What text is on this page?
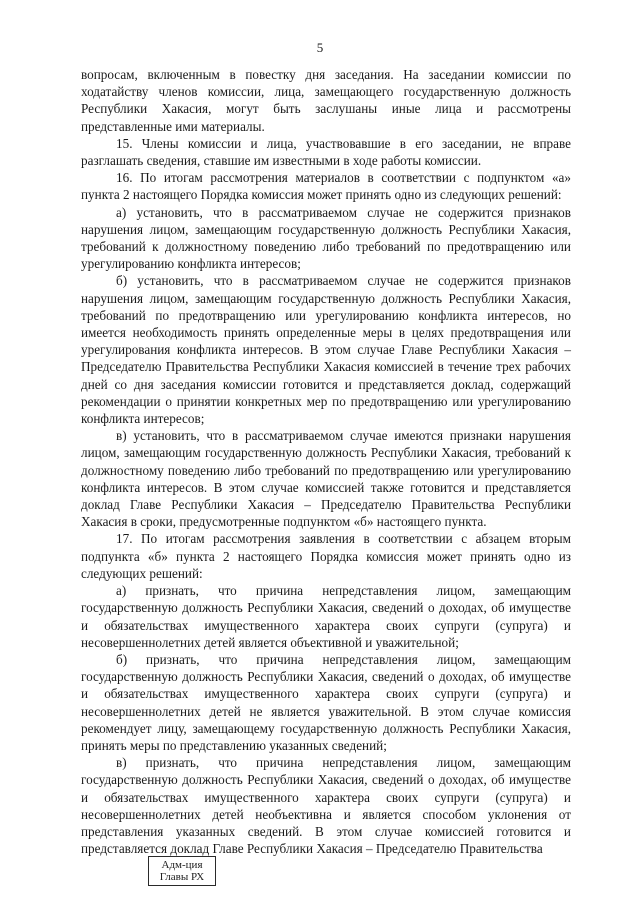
5

вопросам, включенным в повестку дня заседания. На заседании комиссии по ходатайству членов комиссии, лица, замещающего государственную должность Республики Хакасия, могут быть заслушаны иные лица и рассмотрены представленные ими материалы.

15. Члены комиссии и лица, участвовавшие в его заседании, не вправе разглашать сведения, ставшие им известными в ходе работы комиссии.

16. По итогам рассмотрения материалов в соответствии с подпунктом «а» пункта 2 настоящего Порядка комиссия может принять одно из следующих решений:

а) установить, что в рассматриваемом случае не содержится признаков нарушения лицом, замещающим государственную должность Республики Хакасия, требований к должностному поведению либо требований по предотвращению или урегулированию конфликта интересов;

б) установить, что в рассматриваемом случае не содержится признаков нарушения лицом, замещающим государственную должность Республики Хакасия, требований по предотвращению или урегулированию конфликта интересов, но имеется необходимость принять определенные меры в целях предотвращения или урегулирования конфликта интересов. В этом случае Главе Республики Хакасия – Председателю Правительства Республики Хакасия комиссией в течение трех рабочих дней со дня заседания комиссии готовится и представляется доклад, содержащий рекомендации о принятии конкретных мер по предотвращению или урегулированию конфликта интересов;

в) установить, что в рассматриваемом случае имеются признаки нарушения лицом, замещающим государственную должность Республики Хакасия, требований к должностному поведению либо требований по предотвращению или урегулированию конфликта интересов. В этом случае комиссией также готовится и представляется доклад Главе Республики Хакасия – Председателю Правительства Республики Хакасия в сроки, предусмотренные подпунктом «б» настоящего пункта.

17. По итогам рассмотрения заявления в соответствии с абзацем вторым подпункта «б» пункта 2 настоящего Порядка комиссия может принять одно из следующих решений:

а) признать, что причина непредставления лицом, замещающим государственную должность Республики Хакасия, сведений о доходах, об имуществе и обязательствах имущественного характера своих супруги (супруга) и несовершеннолетних детей является объективной и уважительной;

б) признать, что причина непредставления лицом, замещающим государственную должность Республики Хакасия, сведений о доходах, об имуществе и обязательствах имущественного характера своих супруги (супруга) и несовершеннолетних детей не является уважительной. В этом случае комиссия рекомендует лицу, замещающему государственную должность Республики Хакасия, принять меры по представлению указанных сведений;

в) признать, что причина непредставления лицом, замещающим государственную должность Республики Хакасия, сведений о доходах, об имуществе и обязательствах имущественного характера своих супруги (супруга) и несовершеннолетних детей необъективна и является способом уклонения от представления указанных сведений. В этом случае комиссией готовится и представляется доклад Главе Республики Хакасия – Председателю Правительства

Адм-ция
Главы РХ
